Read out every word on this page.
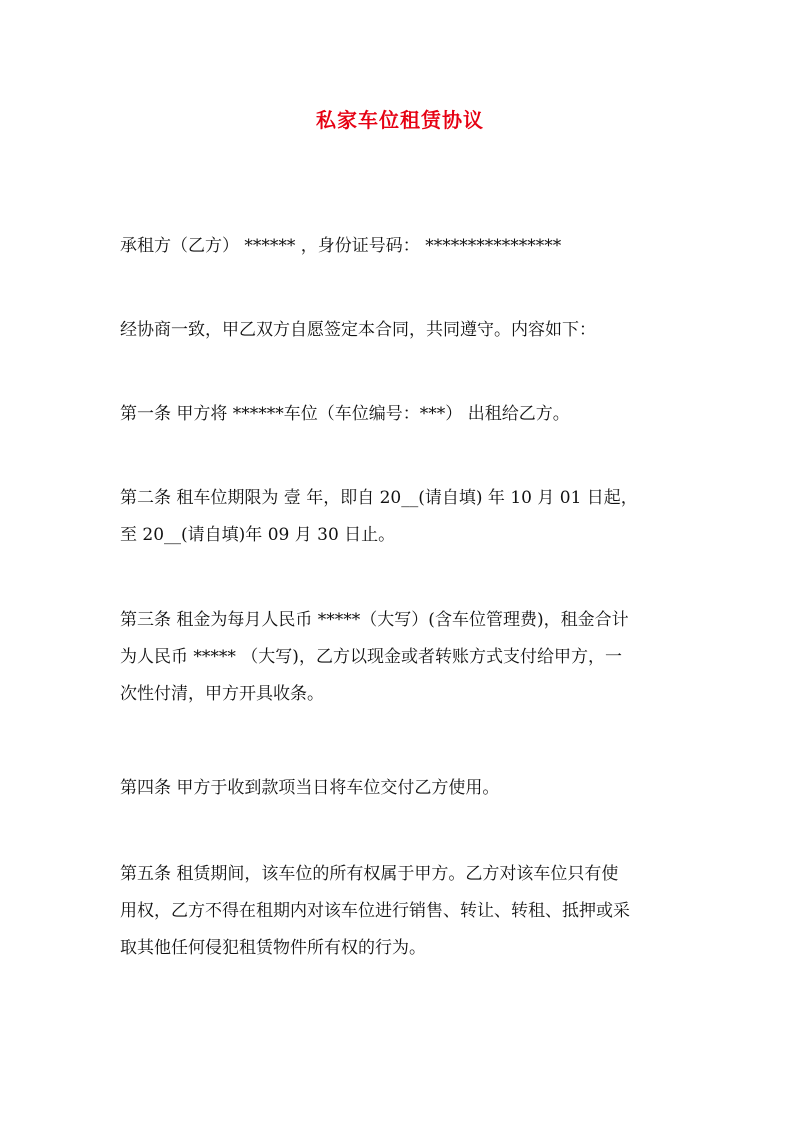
私家车位租赁协议

承租方（乙方） ****** ，身份证号码： ****************

经协商一致，甲乙双方自愿签定本合同，共同遵守。内容如下：

第一条 甲方将 ******车位（车位编号：***） 出租给乙方。

第二条 租车位期限为 壹 年，即自 20__(请自填) 年 10 月 01 日起，
至 20__(请自填)年 09 月 30 日止。

第三条 租金为每月人民币 *****（大写）(含车位管理费)，租金合计
为人民币 ***** （大写)，乙方以现金或者转账方式支付给甲方，一
次性付清，甲方开具收条。

第四条 甲方于收到款项当日将车位交付乙方使用。

第五条 租赁期间，该车位的所有权属于甲方。乙方对该车位只有使
用权，乙方不得在租期内对该车位进行销售、转让、转租、抵押或采
取其他任何侵犯租赁物件所有权的行为。
